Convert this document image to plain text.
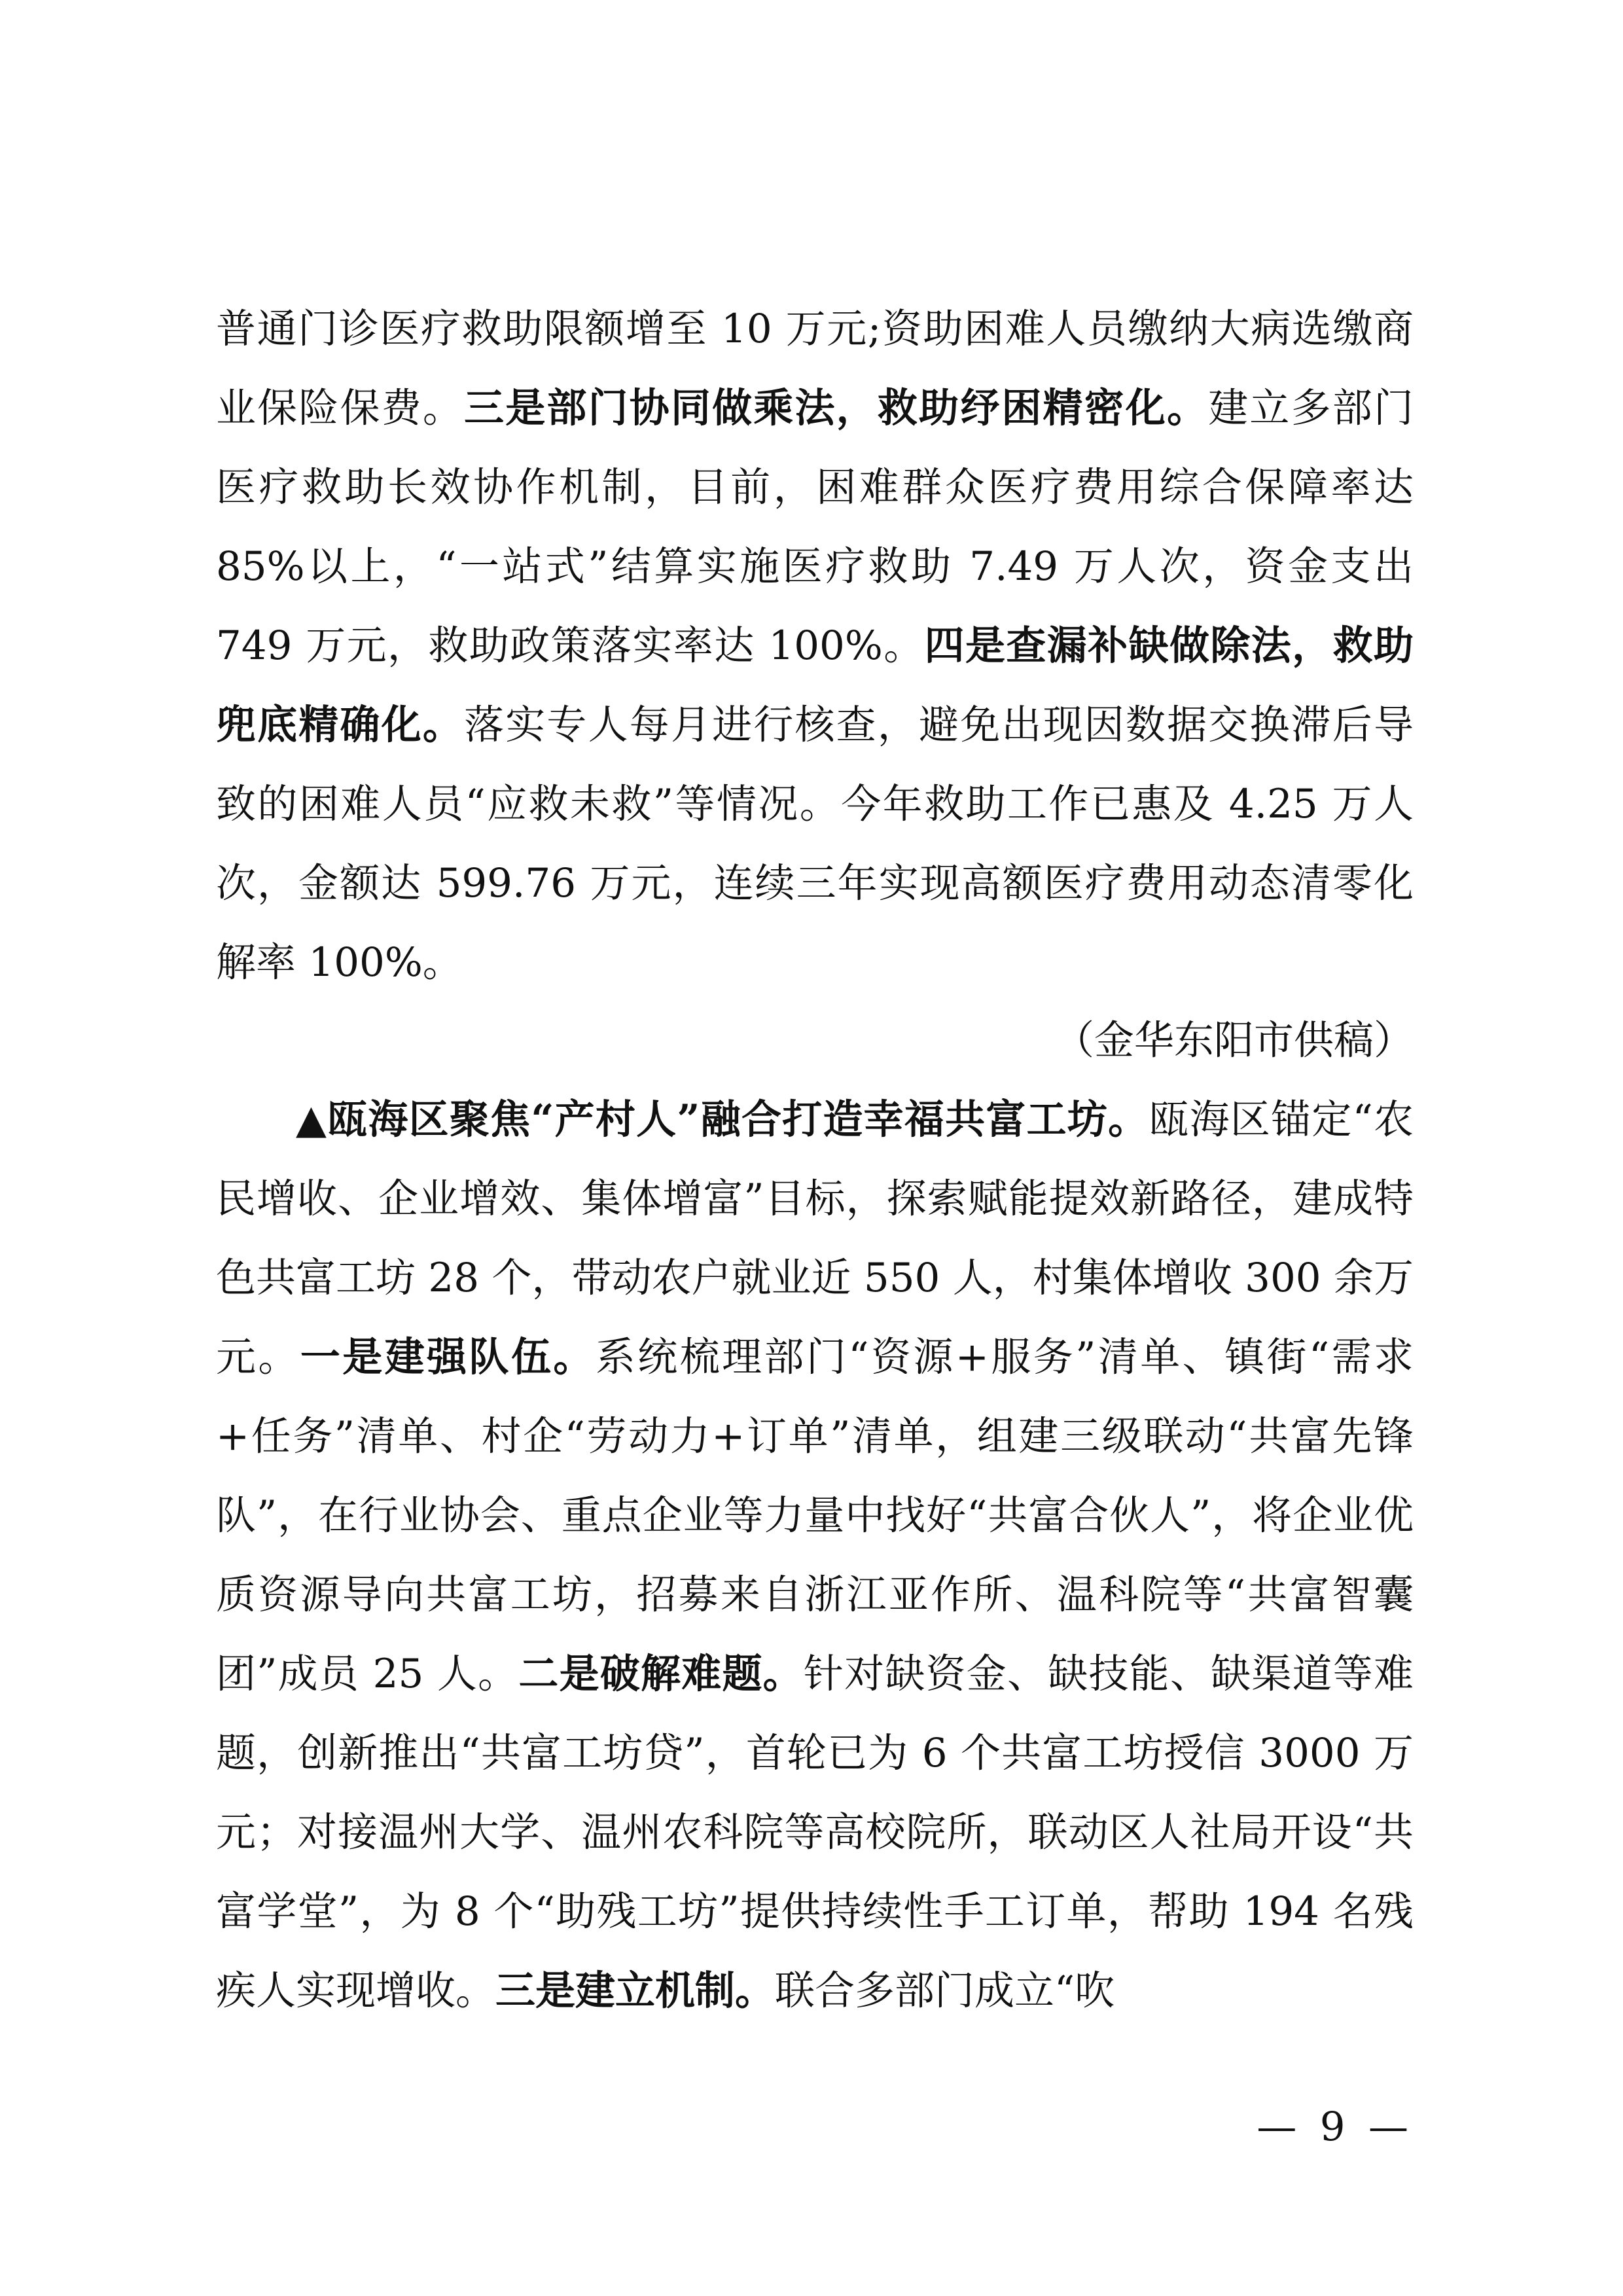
普通门诊医疗救助限额增至 10 万元;资助困难人员缴纳大病选缴商业保险保费。三是部门协同做乘法，救助纾困精密化。建立多部门医疗救助长效协作机制，目前，困难群众医疗费用综合保障率达 85%以上，“一站式”结算实施医疗救助 7.49 万人次，资金支出 749 万元，救助政策落实率达 100%。四是查漏补缺做除法，救助兜底精确化。落实专人每月进行核查，避免出现因数据交换滞后导致的困难人员“应救未救”等情况。今年救助工作已惠及 4.25 万人次，金额达 599.76 万元，连续三年实现高额医疗费用动态清零化解率 100%。

（金华东阳市供稿）

▲瓯海区聚焦“产村人”融合打造幸福共富工坊。瓯海区锚定“农民增收、企业增效、集体增富”目标，探索赋能提效新路径，建成特色共富工坊 28 个，带动农户就业近 550 人，村集体增收 300 余万元。一是建强队伍。系统梳理部门“资源+服务”清单、镇街“需求+任务”清单、村企“劳动力+订单”清单，组建三级联动“共富先锋队”，在行业协会、重点企业等力量中找好“共富合伙人”，将企业优质资源导向共富工坊，招募来自浙江亚作所、温科院等“共富智囊团”成员 25 人。二是破解难题。针对缺资金、缺技能、缺渠道等难题，创新推出“共富工坊贷”，首轮已为 6 个共富工坊授信 3000 万元；对接温州大学、温州农科院等高校院所，联动区人社局开设“共富学堂”，为 8 个“助残工坊”提供持续性手工订单，帮助 194 名残疾人实现增收。三是建立机制。联合多部门成立“吹

— 9 —
